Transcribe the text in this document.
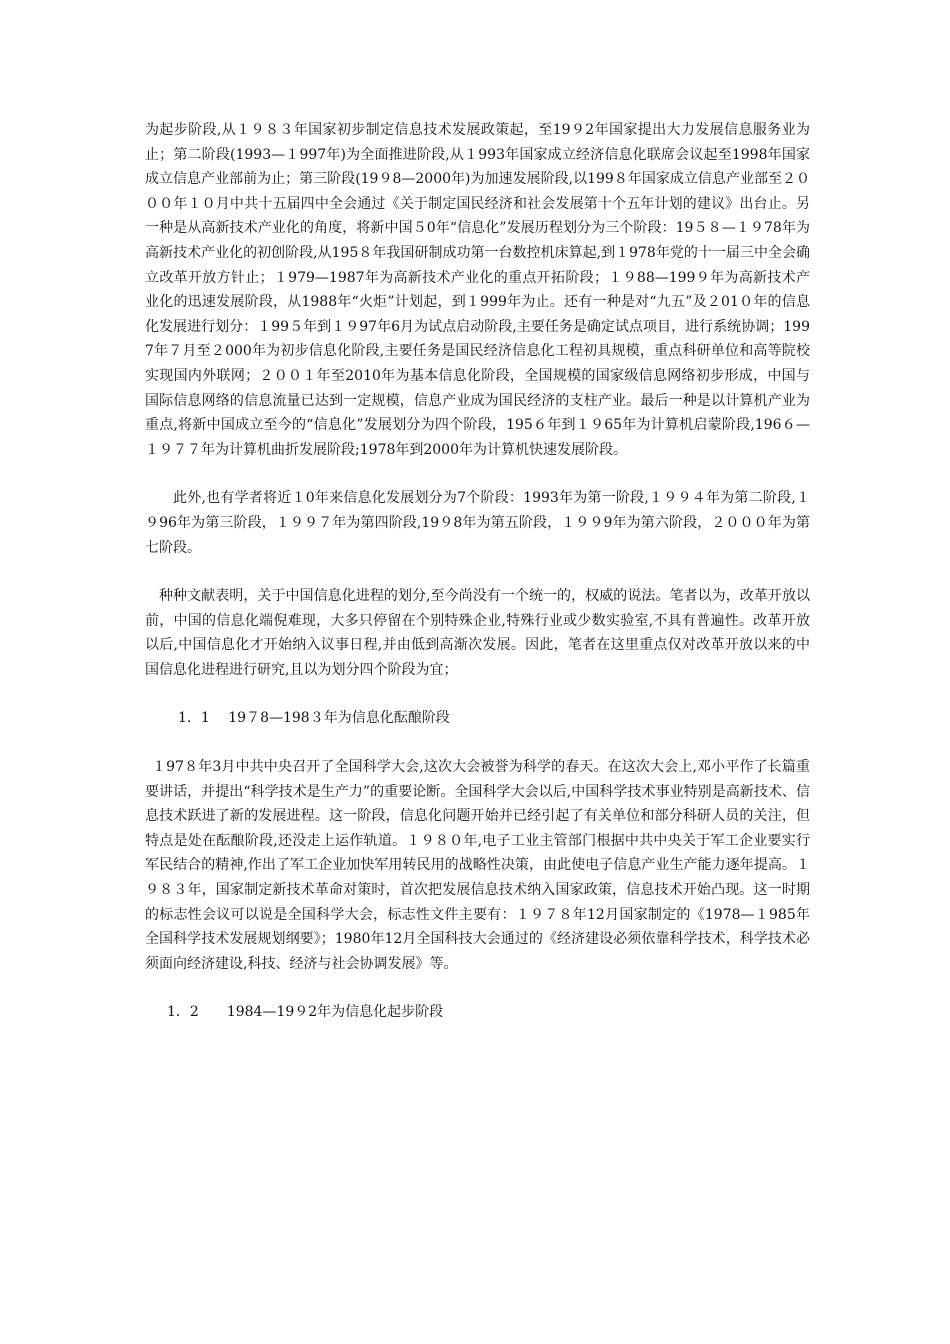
为起步阶段,从１９８３年国家初步制定信息技术发展政策起，至19９2年国家提出大力发展信息服务业为止；第二阶段(1993—１997年)为全面推进阶段,从１993年国家成立经济信息化联席会议起至1998年国家成立信息产业部前为止；第三阶段(19９8—2000年)为加速发展阶段,以199８年国家成立信息产业部至２０００年１０月中共十五届四中全会通过《关于制定国民经济和社会发展第十个五年计划的建议》出台止。另一种是从高新技术产业化的角度，将新中国５0年“信息化”发展历程划分为三个阶段：19５８—１９78年为高新技术产业化的初创阶段,从195８年我国研制成功第一台数控机床算起,到１978年党的十一届三中全会确立改革开放方针止；１979—1987年为高新技术产业化的重点开拓阶段；１９88—199９年为高新技术产业化的迅速发展阶段，从1988年“火炬”计划起，到１999年为止。还有一种是对“九五”及２01０年的信息化发展进行划分：１99５年到１９97年6月为试点启动阶段,主要任务是确定试点项目，进行系统协调；1997年７月至２000年为初步信息化阶段,主要任务是国民经济信息化工程初具规模，重点科研单位和高等院校实现国内外联网；２００１年至2010年为基本信息化阶段，全国规模的国家级信息网络初步形成，中国与国际信息网络的信息流量已达到一定规模，信息产业成为国民经济的支柱产业。最后一种是以计算机产业为重点,将新中国成立至今的“信息化”发展划分为四个阶段，195６年到１９65年为计算机启蒙阶段,196６—１９７７年为计算机曲折发展阶段;1978年到2000年为计算机快速发展阶段。

此外,也有学者将近１0年来信息化发展划分为7个阶段：1993年为第一阶段,１９９４年为第二阶段,１９96年为第三阶段，１９９７年为第四阶段,19９8年为第五阶段，１９９9年为第六阶段，２０００年为第七阶段。

种种文献表明，关于中国信息化进程的划分,至今尚没有一个统一的，权威的说法。笔者以为，改革开放以前，中国的信息化端倪难现，大多只停留在个别特殊企业,特殊行业或少数实验室,不具有普遍性。改革开放以后,中国信息化才开始纳入议事日程,并由低到高渐次发展。因此，笔者在这里重点仅对改革开放以来的中国信息化进程进行研究,且以为划分四个阶段为宜；

1．1　 19７8—198３年为信息化酝酿阶段

１97８年3月中共中央召开了全国科学大会,这次大会被誉为科学的春天。在这次大会上,邓小平作了长篇重要讲话，并提出“科学技术是生产力”的重要论断。全国科学大会以后,中国科学技术事业特别是高新技术、信息技术跃进了新的发展进程。这一阶段，信息化问题开始并已经引起了有关单位和部分科研人员的关注，但特点是处在酝酿阶段,还没走上运作轨道。１９８０年,电子工业主管部门根据中共中央关于军工企业要实行军民结合的精神,作出了军工企业加快军用转民用的战略性决策，由此使电子信息产业生产能力逐年提高。１９８３年，国家制定新技术革命对策时，首次把发展信息技术纳入国家政策，信息技术开始凸现。这一时期的标志性会议可以说是全国科学大会，标志性文件主要有：１９７８年12月国家制定的《1978—１985年全国科学技术发展规划纲要》；1980年12月全国科技大会通过的《经济建设必须依靠科学技术，科学技术必须面向经济建设,科技、经济与社会协调发展》等。

1．2　　1984—19９2年为信息化起步阶段
